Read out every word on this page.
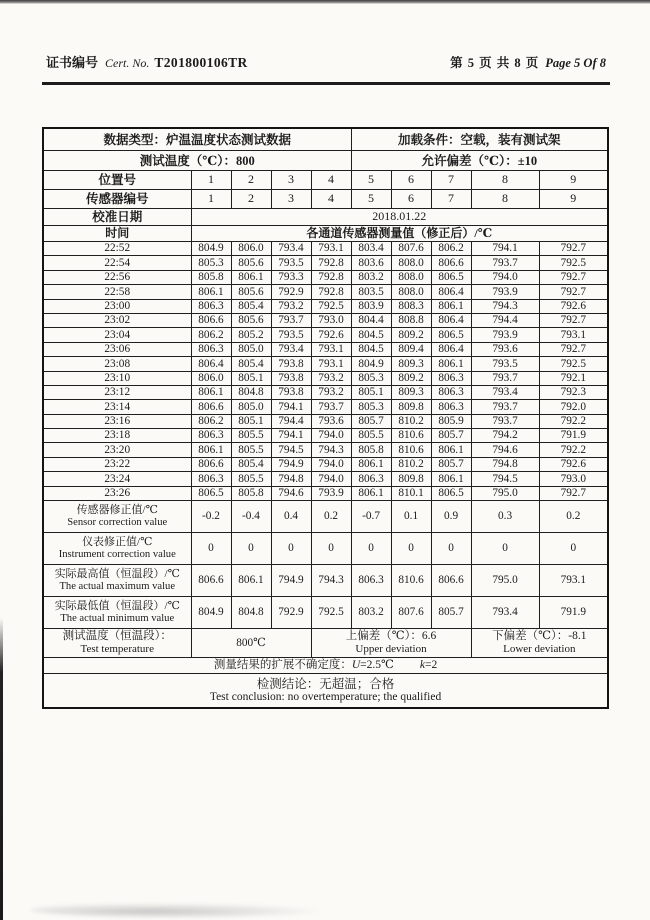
证书编号 Cert. No. T201800106TR	第 5 页 共 8 页 Page 5 Of 8
数据类型：炉温温度状态测试数据					加载条件：空载，装有测试架				
测试温度（℃）：800					允许偏差（℃）：±10				
位置号	1	2	3	4	5	6	7	8	9
传感器编号	1	2	3	4	5	6	7	8	9
校准日期	2018.01.22								
时间	各通道传感器测量值（修正后）/℃								
22:52	804.9	806.0	793.4	793.1	803.4	807.6	806.2	794.1	792.7
22:54	805.3	805.6	793.5	792.8	803.6	808.0	806.6	793.7	792.5
22:56	805.8	806.1	793.3	792.8	803.2	808.0	806.5	794.0	792.7
22:58	806.1	805.6	792.9	792.8	803.5	808.0	806.4	793.9	792.7
23:00	806.3	805.4	793.2	792.5	803.9	808.3	806.1	794.3	792.6
23:02	806.6	805.6	793.7	793.0	804.4	808.8	806.4	794.4	792.7
23:04	806.2	805.2	793.5	792.6	804.5	809.2	806.5	793.9	793.1
23:06	806.3	805.0	793.4	793.1	804.5	809.4	806.4	793.6	792.7
23:08	806.4	805.4	793.8	793.1	804.9	809.3	806.1	793.5	792.5
23:10	806.0	805.1	793.8	793.2	805.3	809.2	806.3	793.7	792.1
23:12	806.1	804.8	793.8	793.2	805.1	809.3	806.3	793.4	792.3
23:14	806.6	805.0	794.1	793.7	805.3	809.8	806.3	793.7	792.0
23:16	806.2	805.1	794.4	793.6	805.7	810.2	805.9	793.7	792.2
23:18	806.3	805.5	794.1	794.0	805.5	810.6	805.7	794.2	791.9
23:20	806.1	805.5	794.5	794.3	805.8	810.6	806.1	794.6	792.2
23:22	806.6	805.4	794.9	794.0	806.1	810.2	805.7	794.8	792.6
23:24	806.3	805.5	794.8	794.0	806.3	809.8	806.1	794.5	793.0
23:26	806.5	805.8	794.6	793.9	806.1	810.1	806.5	795.0	792.7

传感器修正值/℃
Sensor correction value	-0.2	-0.4	0.4	0.2	-0.7	0.1	0.9	0.3	0.2

仪表修正值/℃
Instrument correction value	0	0	0	0	0	0	0	0	0

实际最高值（恒温段）/℃
The actual maximum value	806.6	806.1	794.9	794.3	806.3	810.6	806.6	795.0	793.1

实际最低值（恒温段）/℃
The actual minimum value	804.9	804.8	792.9	792.5	803.2	807.6	805.7	793.4	791.9

测试温度（恒温段）：
Test temperature
	800℃	
上偏差（℃）：6.6
Upper deviation

下偏差（℃）：-8.1
Lower deviation

测量结果的扩展不确定度：U=2.5℃ k=2									

检测结论：无超温；合格
Test conclusion: no overtemperature; the qualified									
